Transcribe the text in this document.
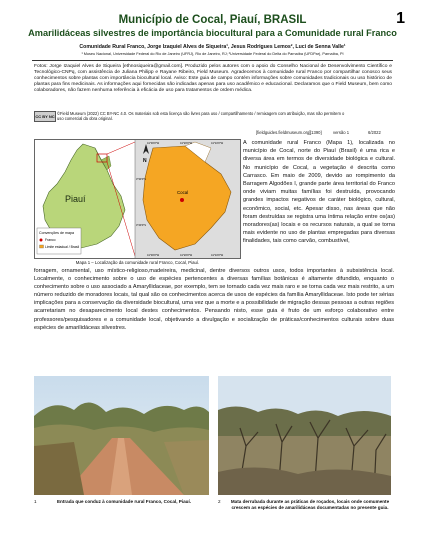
Município de Cocal, Piauí, BRASIL	1
Amarilidáceas silvestres de importância biocultural para a Comunidade rural Franco
Comunidade Rural Franco, Jorge Izaquiel Alves de Siqueira¹, Jesus Rodrigues Lemos², Luci de Senna Valle¹
¹ Museu Nacional, Universidade Federal do Rio de Janeiro (UFRJ), Rio de Janeiro, RJ; ²Universidade Federal do Delta do Parnaíba (UFDPar), Parnaíba, PI
Fotos: Jorge Izaquiel Alves de Siqueira [ethnosiqueira@gmail.com]. Produzido pelos autores com o apoio do Conselho Nacional de Desenvolvimento Científico e Tecnológico-CNPq, com assistência de Juliana Philipp e Rayane Ribeiro, Field Museum. Agradecemos à comunidade rural Franco por compartilhar conosco seus conhecimentos sobre plantas com importância biocultural local. Aviso: Este guia de campo contém informações sobre comunidades tradicionais ou uso histórico de plantas para fins medicinais. As informações aqui fornecidas são indicadas apenas para uso acadêmico e educacional. Declaramos que o Field Museum, bem como colaboradores, não fazem nenhuma referência à eficácia de uso para tratamentos de ordem médica.
CC BY NC
©Field Museum (2022) CC BY-NC 4.0. Os materiais sob esta licença são livres para uso / compartilhamento / remixagem com atribuição, mas não permitem o uso comercial da obra original.
[fieldguides.fieldmuseum.org] [1390]	versão 1	6/2022
Piauí
Convenções de mapa
Franco
Limite estadual / Brasil
Cocal
N
41°30'0"W	41°20'0"W	41°10'0"W
41°30'0"W	41°20'0"W	41°10'0"W
3°30'0"S
3°40'0"S
Mapa 1 – Localização da comunidade rural Franco, Cocal, Piauí.
A comunidade rural Franco (Mapa 1), localizada no município de Cocal, norte do Piauí (Brasil) é uma rica e diversa área em termos de diversidade biológica e cultural. No município de Cocal, a vegetação é descrita como Carrasco. Em maio de 2009, devido ao rompimento da Barragem Algodões I, grande parte área territorial do Franco onde viviam muitas famílias foi destruída, provocando grandes impactos negativos de caráter biológico, cultural, econômico, social, etc. Apesar disso, nas áreas que não foram destruídas se registra uma íntima relação entre os(as) moradores(as) locais e os recursos naturais, a qual se torna mais evidente no uso de plantas empregadas para diversas finalidades, tais como carvão, combustível,
forragem, ornamental, uso místico-religioso,madeireira, medicinal, dentre diversos outros usos, todos importantes à subsistência local. Localmente, o conhecimento sobre o uso de espécies pertencentes a diversas famílias botânicas é altamente difundido, enquanto o conhecimento sobre o uso associado a Amaryllidaceae, por exemplo, tem se tornado cada vez mais raro e se torna cada vez mais restrito, a um número reduzido de moradores locais, tal qual são os conhecimentos acerca de usos de espécies da família Amaryllidaceae. Isto pode ter sérias implicações para a conservação da diversidade biocultural, uma vez que a morte e a possibilidade de migração dessas pessoas a outras regiões acarretariam no desaparecimento local destes conhecimentos. Pensando nisto, esse guia é fruto de um esforço colaborativo entre professores/pesquisadores e a comunidade local, objetivando a divulgação e socialização de práticas/conhecimentos culturais sobre duas espécies de amarilidáceas silvestres.
1	Entrada que conduz à comunidade rural Franco, Cocal, Piauí.	2 Mata derrubada durante as práticas de roçados, locais onde comumente crescem as espécies de amarilidáceas documentadas no presente guia.
